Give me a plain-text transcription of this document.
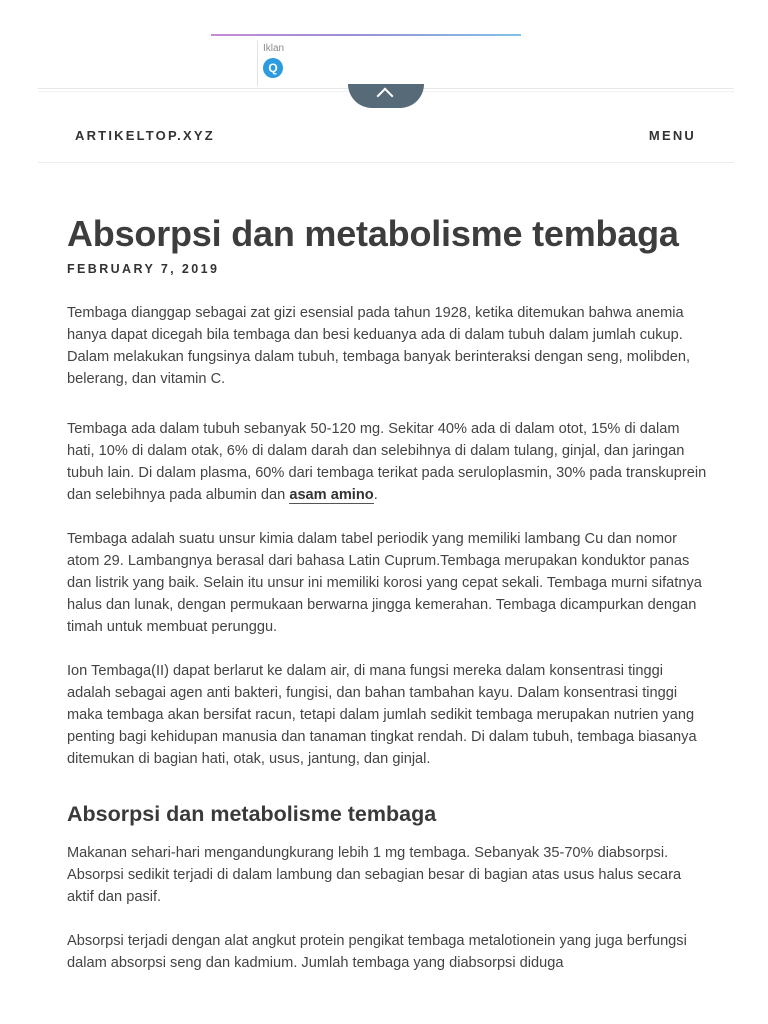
Iklan
Q
ARTIKELTOP.XYZ	MENU
Absorpsi dan metabolisme tembaga
FEBRUARY 7, 2019

Tembaga dianggap sebagai zat gizi esensial pada tahun 1928, ketika ditemukan bahwa anemia hanya dapat dicegah bila tembaga dan besi keduanya ada di dalam tubuh dalam jumlah cukup. Dalam melakukan fungsinya dalam tubuh, tembaga banyak berinteraksi dengan seng, molibden, belerang, dan vitamin C.

Tembaga ada dalam tubuh sebanyak 50-120 mg. Sekitar 40% ada di dalam otot, 15% di dalam hati, 10% di dalam otak, 6% di dalam darah dan selebihnya di dalam tulang, ginjal, dan jaringan tubuh lain. Di dalam plasma, 60% dari tembaga terikat pada seruloplasmin, 30% pada transkuprein dan selebihnya pada albumin dan asam amino.

Tembaga adalah suatu unsur kimia dalam tabel periodik yang memiliki lambang Cu dan nomor atom 29. Lambangnya berasal dari bahasa Latin Cuprum.Tembaga merupakan konduktor panas dan listrik yang baik. Selain itu unsur ini memiliki korosi yang cepat sekali. Tembaga murni sifatnya halus dan lunak, dengan permukaan berwarna jingga kemerahan. Tembaga dicampurkan dengan timah untuk membuat perunggu.

Ion Tembaga(II) dapat berlarut ke dalam air, di mana fungsi mereka dalam konsentrasi tinggi adalah sebagai agen anti bakteri, fungisi, dan bahan tambahan kayu. Dalam konsentrasi tinggi maka tembaga akan bersifat racun, tetapi dalam jumlah sedikit tembaga merupakan nutrien yang penting bagi kehidupan manusia dan tanaman tingkat rendah. Di dalam tubuh, tembaga biasanya ditemukan di bagian hati, otak, usus, jantung, dan ginjal.

Absorpsi dan metabolisme tembaga

Makanan sehari-hari mengandungkurang lebih 1 mg tembaga. Sebanyak 35-70% diabsorpsi. Absorpsi sedikit terjadi di dalam lambung dan sebagian besar di bagian atas usus halus secara aktif dan pasif.

Absorpsi terjadi dengan alat angkut protein pengikat tembaga metalotionein yang juga berfungsi dalam absorpsi seng dan kadmium. Jumlah tembaga yang diabsorpsi diduga
